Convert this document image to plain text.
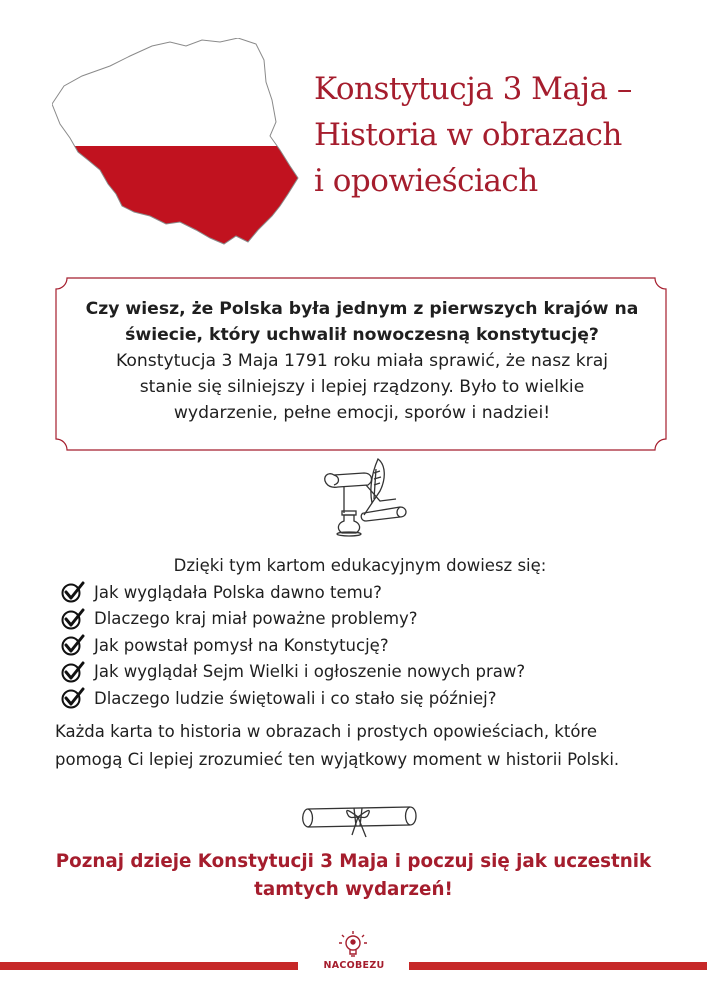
Konstytucja 3 Maja –
Historia w obrazach
i opowieściach
Czy wiesz, że Polska była jednym z pierwszych krajów na
świecie, który uchwalił nowoczesną konstytucję?
Konstytucja 3 Maja 1791 roku miała sprawić, że nasz kraj
stanie się silniejszy i lepiej rządzony. Było to wielkie
wydarzenie, pełne emocji, sporów i nadziei!
Dzięki tym kartom edukacyjnym dowiesz się:
Jak wyglądała Polska dawno temu?
Dlaczego kraj miał poważne problemy?
Jak powstał pomysł na Konstytucję?
Jak wyglądał Sejm Wielki i ogłoszenie nowych praw?
Dlaczego ludzie świętowali i co stało się później?
Każda karta to historia w obrazach i prostych opowieściach, które
pomogą Ci lepiej zrozumieć ten wyjątkowy moment w historii Polski.
Poznaj dzieje Konstytucji 3 Maja i poczuj się jak uczestnik
tamtych wydarzeń!
NACOBEZU
